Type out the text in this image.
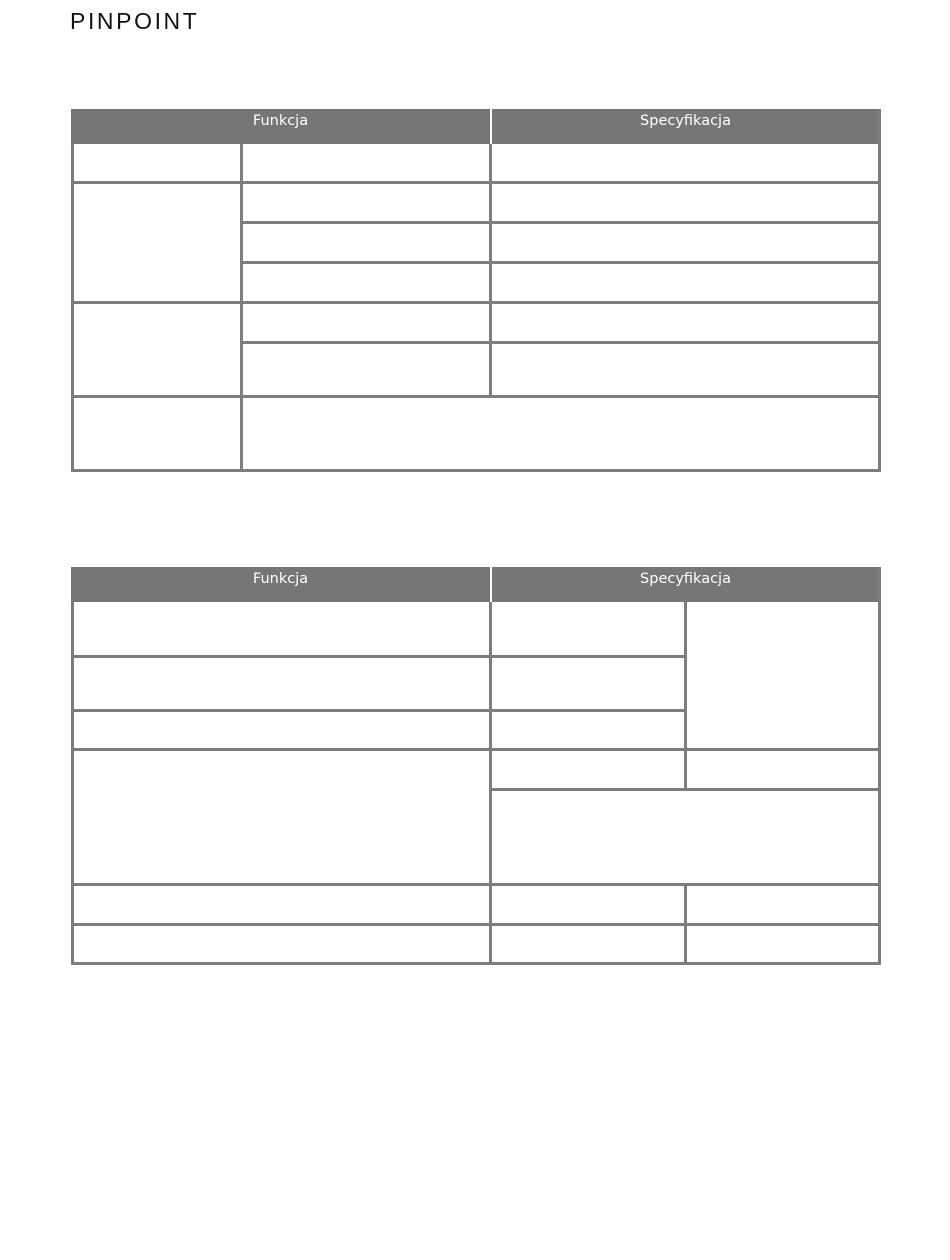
PINPOINT
Funkcja	Specyfikacja
Funkcja	Specyfikacja
